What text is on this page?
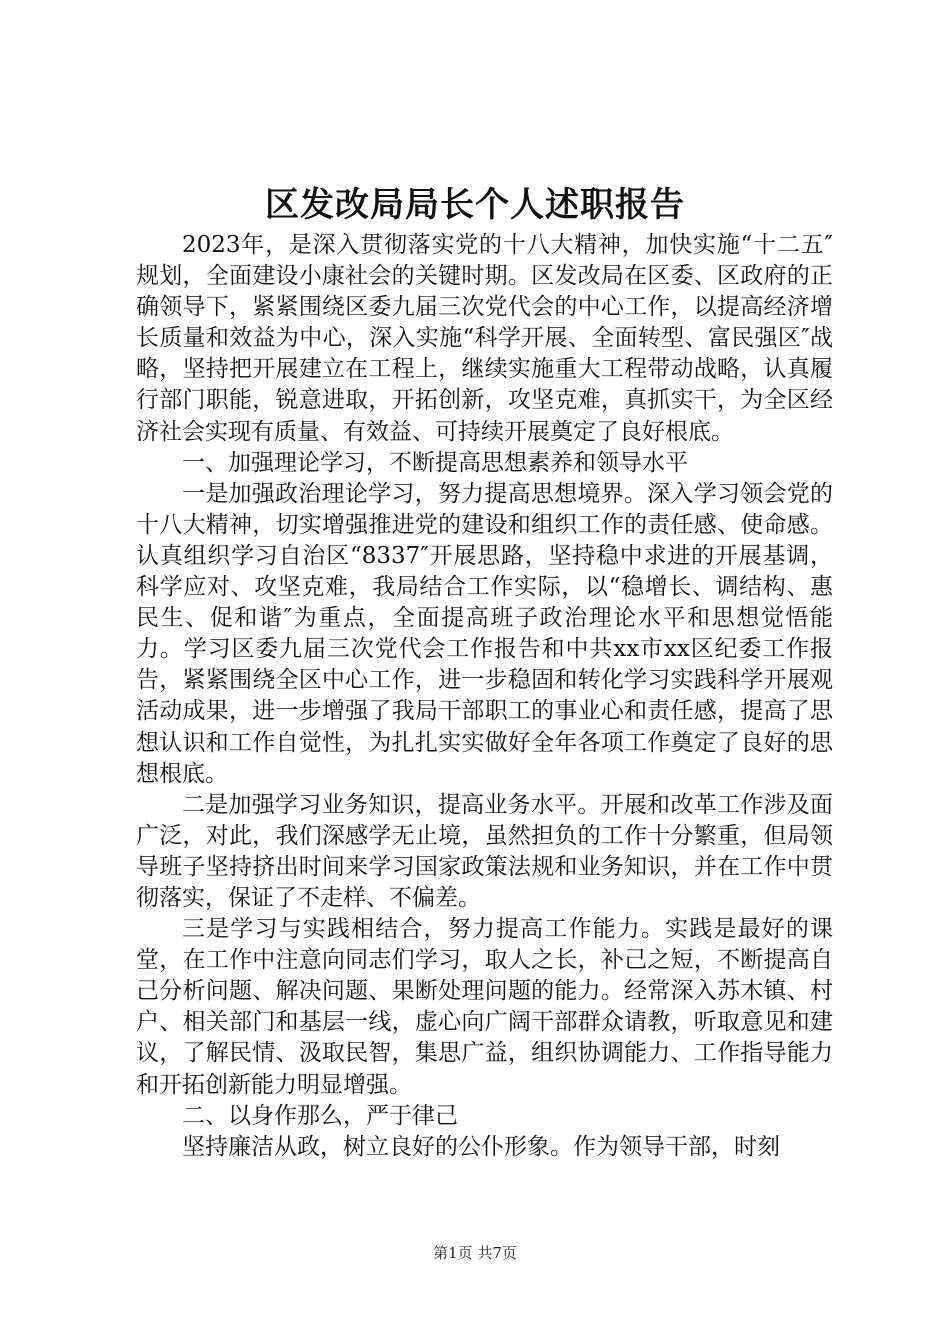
区发改局局长个人述职报告

2023年，是深入贯彻落实党的十八大精神，加快实施“十二五″规划，全面建设小康社会的关键时期。区发改局在区委、区政府的正确领导下，紧紧围绕区委九届三次党代会的中心工作，以提高经济增长质量和效益为中心，深入实施“科学开展、全面转型、富民强区″战略，坚持把开展建立在工程上，继续实施重大工程带动战略，认真履行部门职能，锐意进取，开拓创新，攻坚克难，真抓实干，为全区经济社会实现有质量、有效益、可持续开展奠定了良好根底。

一、加强理论学习，不断提高思想素养和领导水平

一是加强政治理论学习，努力提高思想境界。深入学习领会党的十八大精神，切实增强推进党的建设和组织工作的责任感、使命感。认真组织学习自治区“8337″开展思路，坚持稳中求进的开展基调，科学应对、攻坚克难，我局结合工作实际，以“稳增长、调结构、惠民生、促和谐″为重点，全面提高班子政治理论水平和思想觉悟能力。学习区委九届三次党代会工作报告和中共xx市xx区纪委工作报告，紧紧围绕全区中心工作，进一步稳固和转化学习实践科学开展观活动成果，进一步增强了我局干部职工的事业心和责任感，提高了思想认识和工作自觉性，为扎扎实实做好全年各项工作奠定了良好的思想根底。

二是加强学习业务知识，提高业务水平。开展和改革工作涉及面广泛，对此，我们深感学无止境，虽然担负的工作十分繁重，但局领导班子坚持挤出时间来学习国家政策法规和业务知识，并在工作中贯彻落实，保证了不走样、不偏差。

三是学习与实践相结合，努力提高工作能力。实践是最好的课堂，在工作中注意向同志们学习，取人之长，补己之短，不断提高自己分析问题、解决问题、果断处理问题的能力。经常深入苏木镇、村户、相关部门和基层一线，虚心向广阔干部群众请教，听取意见和建议，了解民情、汲取民智，集思广益，组织协调能力、工作指导能力和开拓创新能力明显增强。

二、以身作那么，严于律己

坚持廉洁从政，树立良好的公仆形象。作为领导干部，时刻

第1页 共7页
